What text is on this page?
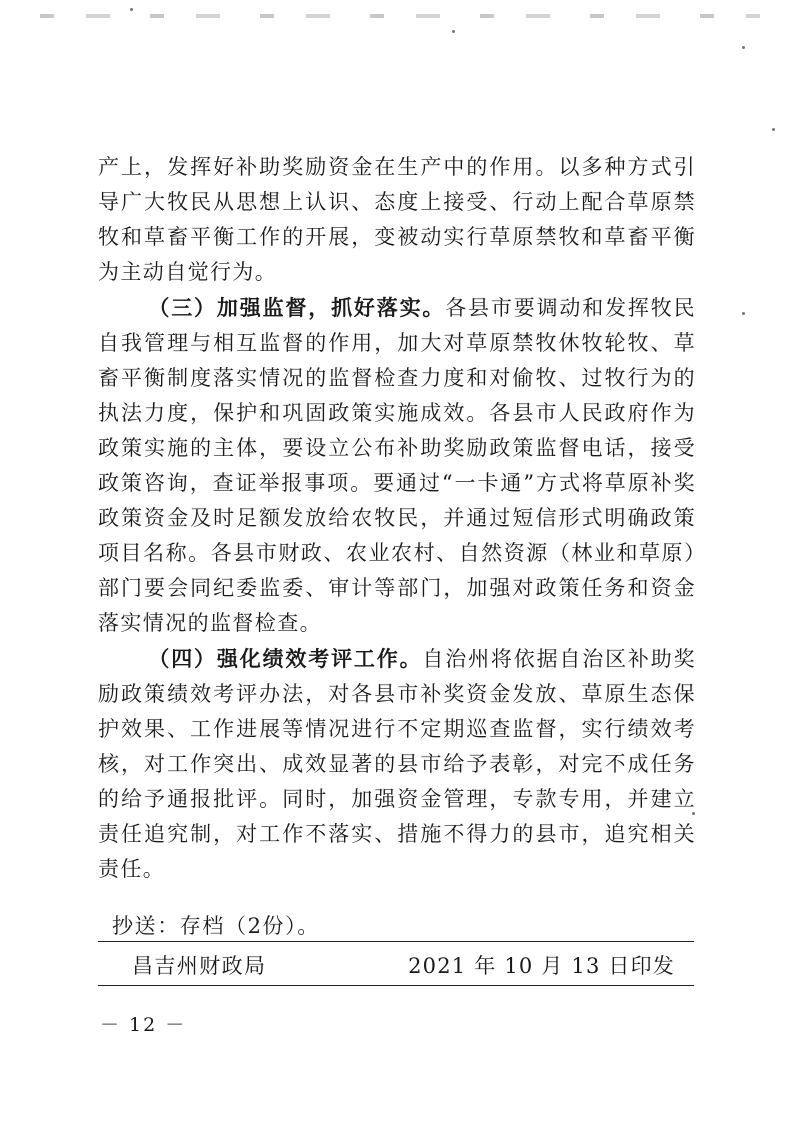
产上，发挥好补助奖励资金在生产中的作用。以多种方式引导广大牧民从思想上认识、态度上接受、行动上配合草原禁牧和草畜平衡工作的开展，变被动实行草原禁牧和草畜平衡为主动自觉行为。

（三）加强监督，抓好落实。各县市要调动和发挥牧民自我管理与相互监督的作用，加大对草原禁牧休牧轮牧、草畜平衡制度落实情况的监督检查力度和对偷牧、过牧行为的执法力度，保护和巩固政策实施成效。各县市人民政府作为政策实施的主体，要设立公布补助奖励政策监督电话，接受政策咨询，查证举报事项。要通过“一卡通”方式将草原补奖政策资金及时足额发放给农牧民，并通过短信形式明确政策项目名称。各县市财政、农业农村、自然资源（林业和草原）部门要会同纪委监委、审计等部门，加强对政策任务和资金落实情况的监督检查。

（四）强化绩效考评工作。自治州将依据自治区补助奖励政策绩效考评办法，对各县市补奖资金发放、草原生态保护效果、工作进展等情况进行不定期巡查监督，实行绩效考核，对工作突出、成效显著的县市给予表彰，对完不成任务的给予通报批评。同时，加强资金管理，专款专用，并建立责任追究制，对工作不落实、措施不得力的县市，追究相关责任。

抄送：存档（2份）。
昌吉州财政局	2021 年 10 月 13 日印发
－ 12 －
